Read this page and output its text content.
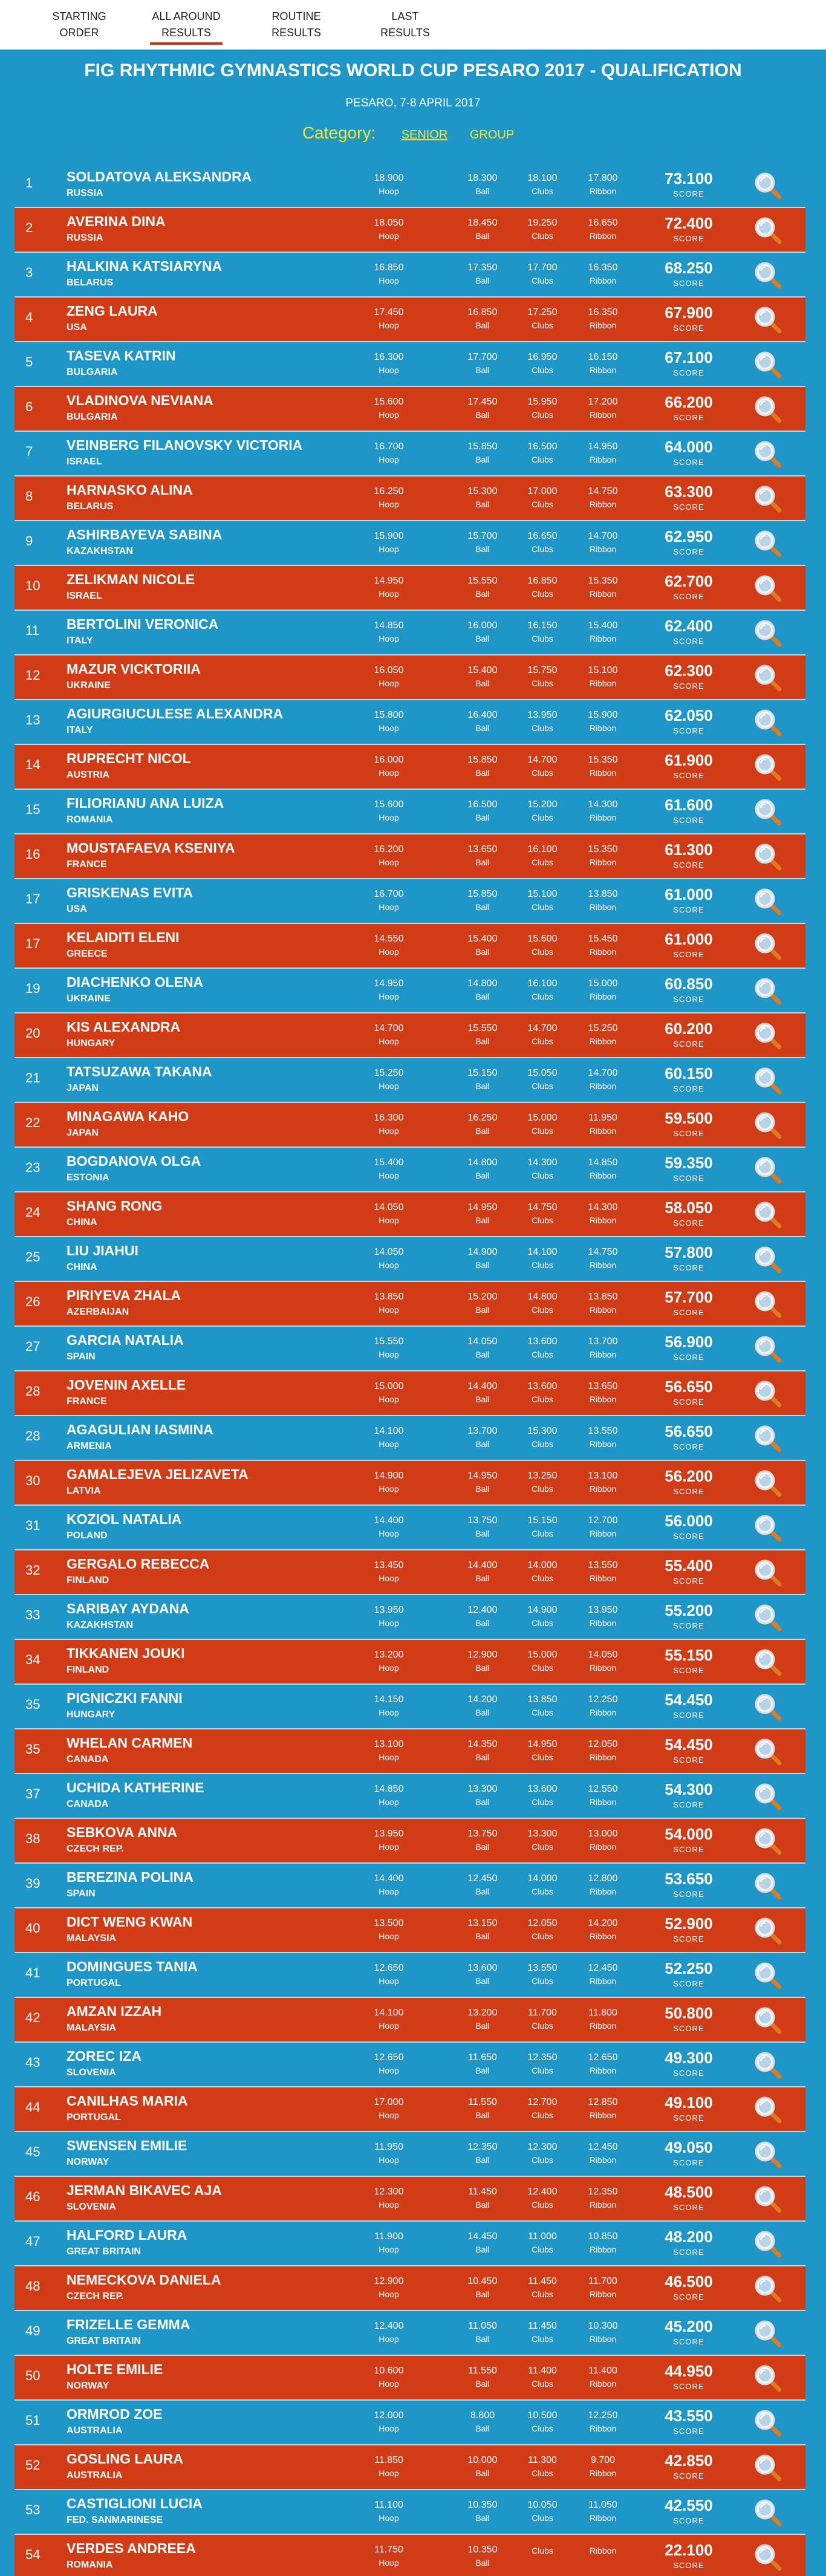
STARTING ORDER
ALL AROUND RESULTS
ROUTINE RESULTS
LAST RESULTS
FIG RHYTHMIC GYMNASTICS WORLD CUP PESARO 2017 - QUALIFICATION
PESARO, 7-8 APRIL 2017
Category: SENIOR GROUP
1 SOLDATOVA ALEKSANDRA
RUSSIA
18.900
Hoop
18.300
Ball
18.100
Clubs
17.800
Ribbon
73.100
SCORE
2 AVERINA DINA
RUSSIA
18.050
Hoop
18.450
Ball
19.250
Clubs
16.650
Ribbon
72.400
SCORE
3 HALKINA KATSIARYNA
BELARUS
16.850
Hoop
17.350
Ball
17.700
Clubs
16.350
Ribbon
68.250
SCORE
4 ZENG LAURA
USA
17.450
Hoop
16.850
Ball
17.250
Clubs
16.350
Ribbon
67.900
SCORE
5 TASEVA KATRIN
BULGARIA
16.300
Hoop
17.700
Ball
16.950
Clubs
16.150
Ribbon
67.100
SCORE
6 VLADINOVA NEVIANA
BULGARIA
15.600
Hoop
17.450
Ball
15.950
Clubs
17.200
Ribbon
66.200
SCORE
7 VEINBERG FILANOVSKY VICTORIA
ISRAEL
16.700
Hoop
15.850
Ball
16.500
Clubs
14.950
Ribbon
64.000
SCORE
8 HARNASKO ALINA
BELARUS
16.250
Hoop
15.300
Ball
17.000
Clubs
14.750
Ribbon
63.300
SCORE
9 ASHIRBAYEVA SABINA
KAZAKHSTAN
15.900
Hoop
15.700
Ball
16.650
Clubs
14.700
Ribbon
62.950
SCORE
10 ZELIKMAN NICOLE
ISRAEL
14.950
Hoop
15.550
Ball
16.850
Clubs
15.350
Ribbon
62.700
SCORE
11 BERTOLINI VERONICA
ITALY
14.850
Hoop
16.000
Ball
16.150
Clubs
15.400
Ribbon
62.400
SCORE
12 MAZUR VICKTORIIA
UKRAINE
16.050
Hoop
15.400
Ball
15.750
Clubs
15.100
Ribbon
62.300
SCORE
13 AGIURGIUCULESE ALEXANDRA
ITALY
15.800
Hoop
16.400
Ball
13.950
Clubs
15.900
Ribbon
62.050
SCORE
14 RUPRECHT NICOL
AUSTRIA
16.000
Hoop
15.850
Ball
14.700
Clubs
15.350
Ribbon
61.900
SCORE
15 FILIORIANU ANA LUIZA
ROMANIA
15.600
Hoop
16.500
Ball
15.200
Clubs
14.300
Ribbon
61.600
SCORE
16 MOUSTAFAEVA KSENIYA
FRANCE
16.200
Hoop
13.650
Ball
16.100
Clubs
15.350
Ribbon
61.300
SCORE
17 GRISKENAS EVITA
USA
16.700
Hoop
15.850
Ball
15.100
Clubs
13.850
Ribbon
61.000
SCORE
17 KELAIDITI ELENI
GREECE
14.550
Hoop
15.400
Ball
15.600
Clubs
15.450
Ribbon
61.000
SCORE
19 DIACHENKO OLENA
UKRAINE
14.950
Hoop
14.800
Ball
16.100
Clubs
15.000
Ribbon
60.850
SCORE
20 KIS ALEXANDRA
HUNGARY
14.700
Hoop
15.550
Ball
14.700
Clubs
15.250
Ribbon
60.200
SCORE
21 TATSUZAWA TAKANA
JAPAN
15.250
Hoop
15.150
Ball
15.050
Clubs
14.700
Ribbon
60.150
SCORE
22 MINAGAWA KAHO
JAPAN
16.300
Hoop
16.250
Ball
15.000
Clubs
11.950
Ribbon
59.500
SCORE
23 BOGDANOVA OLGA
ESTONIA
15.400
Hoop
14.800
Ball
14.300
Clubs
14.850
Ribbon
59.350
SCORE
24 SHANG RONG
CHINA
14.050
Hoop
14.950
Ball
14.750
Clubs
14.300
Ribbon
58.050
SCORE
25 LIU JIAHUI
CHINA
14.050
Hoop
14.900
Ball
14.100
Clubs
14.750
Ribbon
57.800
SCORE
26 PIRIYEVA ZHALA
AZERBAIJAN
13.850
Hoop
15.200
Ball
14.800
Clubs
13.850
Ribbon
57.700
SCORE
27 GARCIA NATALIA
SPAIN
15.550
Hoop
14.050
Ball
13.600
Clubs
13.700
Ribbon
56.900
SCORE
28 JOVENIN AXELLE
FRANCE
15.000
Hoop
14.400
Ball
13.600
Clubs
13.650
Ribbon
56.650
SCORE
28 AGAGULIAN IASMINA
ARMENIA
14.100
Hoop
13.700
Ball
15.300
Clubs
13.550
Ribbon
56.650
SCORE
30 GAMALEJEVA JELIZAVETA
LATVIA
14.900
Hoop
14.950
Ball
13.250
Clubs
13.100
Ribbon
56.200
SCORE
31 KOZIOL NATALIA
POLAND
14.400
Hoop
13.750
Ball
15.150
Clubs
12.700
Ribbon
56.000
SCORE
32 GERGALO REBECCA
FINLAND
13.450
Hoop
14.400
Ball
14.000
Clubs
13.550
Ribbon
55.400
SCORE
33 SARIBAY AYDANA
KAZAKHSTAN
13.950
Hoop
12.400
Ball
14.900
Clubs
13.950
Ribbon
55.200
SCORE
34 TIKKANEN JOUKI
FINLAND
13.200
Hoop
12.900
Ball
15.000
Clubs
14.050
Ribbon
55.150
SCORE
35 PIGNICZKI FANNI
HUNGARY
14.150
Hoop
14.200
Ball
13.850
Clubs
12.250
Ribbon
54.450
SCORE
35 WHELAN CARMEN
CANADA
13.100
Hoop
14.350
Ball
14.950
Clubs
12.050
Ribbon
54.450
SCORE
37 UCHIDA KATHERINE
CANADA
14.850
Hoop
13.300
Ball
13.600
Clubs
12.550
Ribbon
54.300
SCORE
38 SEBKOVA ANNA
CZECH REP.
13.950
Hoop
13.750
Ball
13.300
Clubs
13.000
Ribbon
54.000
SCORE
39 BEREZINA POLINA
SPAIN
14.400
Hoop
12.450
Ball
14.000
Clubs
12.800
Ribbon
53.650
SCORE
40 DICT WENG KWAN
MALAYSIA
13.500
Hoop
13.150
Ball
12.050
Clubs
14.200
Ribbon
52.900
SCORE
41 DOMINGUES TANIA
PORTUGAL
12.650
Hoop
13.600
Ball
13.550
Clubs
12.450
Ribbon
52.250
SCORE
42 AMZAN IZZAH
MALAYSIA
14.100
Hoop
13.200
Ball
11.700
Clubs
11.800
Ribbon
50.800
SCORE
43 ZOREC IZA
SLOVENIA
12.650
Hoop
11.650
Ball
12.350
Clubs
12.650
Ribbon
49.300
SCORE
44 CANILHAS MARIA
PORTUGAL
17.000
Hoop
11.550
Ball
12.700
Clubs
12.850
Ribbon
49.100
SCORE
45 SWENSEN EMILIE
NORWAY
11.950
Hoop
12.350
Ball
12.300
Clubs
12.450
Ribbon
49.050
SCORE
46 JERMAN BIKAVEC AJA
SLOVENIA
12.300
Hoop
11.450
Ball
12.400
Clubs
12.350
Ribbon
48.500
SCORE
47 HALFORD LAURA
GREAT BRITAIN
11.900
Hoop
14.450
Ball
11.000
Clubs
10.850
Ribbon
48.200
SCORE
48 NEMECKOVA DANIELA
CZECH REP.
12.900
Hoop
10.450
Ball
11.450
Clubs
11.700
Ribbon
46.500
SCORE
49 FRIZELLE GEMMA
GREAT BRITAIN
12.400
Hoop
11.050
Ball
11.450
Clubs
10.300
Ribbon
45.200
SCORE
50 HOLTE EMILIE
NORWAY
10.600
Hoop
11.550
Ball
11.400
Clubs
11.400
Ribbon
44.950
SCORE
51 ORMROD ZOE
AUSTRALIA
12.000
Hoop
8.800
Ball
10.500
Clubs
12.250
Ribbon
43.550
SCORE
52 GOSLING LAURA
AUSTRALIA
11.850
Hoop
10.000
Ball
11.300
Clubs
9.700
Ribbon
42.850
SCORE
53 CASTIGLIONI LUCIA
FED. SANMARINESE
11.100
Hoop
10.350
Ball
10.050
Clubs
11.050
Ribbon
42.550
SCORE
54 VERDES ANDREEA
ROMANIA
11.750
Hoop
10.350
Ball
Clubs	Ribbon	22.100
SCORE
